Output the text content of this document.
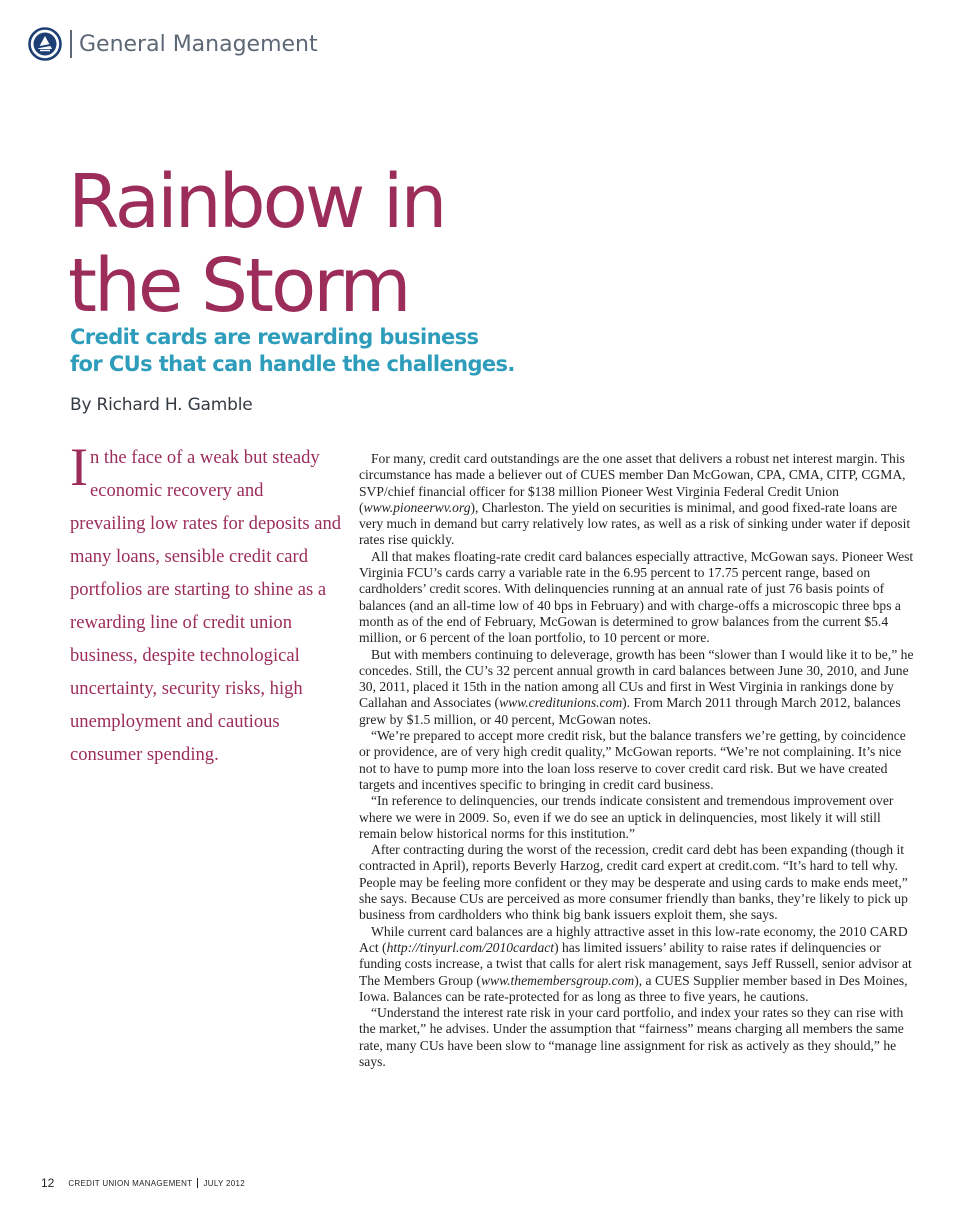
General Management
Rainbow in
the Storm
Credit cards are rewarding business
for CUs that can handle the challenges.
By Richard H. Gamble

In the face of a weak but steady economic recovery and prevailing low rates for deposits and many loans, sensible credit card portfolios are starting to shine as a rewarding line of credit union business, despite technological uncertainty, security risks, high unemployment and cautious consumer spending.

For many, credit card outstandings are the one asset that delivers a robust net interest margin. This circumstance has made a believer out of CUES member Dan McGowan, CPA, CMA, CITP, CGMA, SVP/chief financial officer for $138 million Pioneer West Virginia Federal Credit Union (www.pioneerwv.org), Charleston. The yield on securities is minimal, and good fixed-rate loans are very much in demand but carry relatively low rates, as well as a risk of sinking under water if deposit rates rise quickly.

All that makes floating-rate credit card balances especially attractive, McGowan says. Pioneer West Virginia FCU’s cards carry a variable rate in the 6.95 percent to 17.75 percent range, based on cardholders’ credit scores. With delinquencies running at an annual rate of just 76 basis points of balances (and an all-time low of 40 bps in February) and with charge-offs a microscopic three bps a month as of the end of February, McGowan is determined to grow balances from the current $5.4 million, or 6 percent of the loan portfolio, to 10 percent or more.

But with members continuing to deleverage, growth has been “slower than I would like it to be,” he concedes. Still, the CU’s 32 percent annual growth in card balances between June 30, 2010, and June 30, 2011, placed it 15th in the nation among all CUs and first in West Virginia in rankings done by Callahan and Associates (www.creditunions.com). From March 2011 through March 2012, balances grew by $1.5 million, or 40 percent, McGowan notes.

“We’re prepared to accept more credit risk, but the balance transfers we’re getting, by coincidence or providence, are of very high credit quality,” McGowan reports. “We’re not complaining. It’s nice not to have to pump more into the loan loss reserve to cover credit card risk. But we have created targets and incentives specific to bringing in credit card business.

“In reference to delinquencies, our trends indicate consistent and tremendous improvement over where we were in 2009. So, even if we do see an uptick in delinquencies, most likely it will still remain below historical norms for this institution.”

After contracting during the worst of the recession, credit card debt has been expanding (though it contracted in April), reports Beverly Harzog, credit card expert at credit.com. “It’s hard to tell why. People may be feeling more confident or they may be desperate and using cards to make ends meet,” she says. Because CUs are perceived as more consumer friendly than banks, they’re likely to pick up business from cardholders who think big bank issuers exploit them, she says.

While current card balances are a highly attractive asset in this low-rate economy, the 2010 CARD Act (http://tinyurl.com/2010cardact) has limited issuers’ ability to raise rates if delinquencies or funding costs increase, a twist that calls for alert risk management, says Jeff Russell, senior advisor at The Members Group (www.themembersgroup.com), a CUES Supplier member based in Des Moines, Iowa. Balances can be rate-protected for as long as three to five years, he cautions.

“Understand the interest rate risk in your card portfolio, and index your rates so they can rise with the market,” he advises. Under the assumption that “fairness” means charging all members the same rate, many CUs have been slow to “manage line assignment for risk as actively as they should,” he says.

12 CREDIT UNION MANAGEMENT JULY 2012
